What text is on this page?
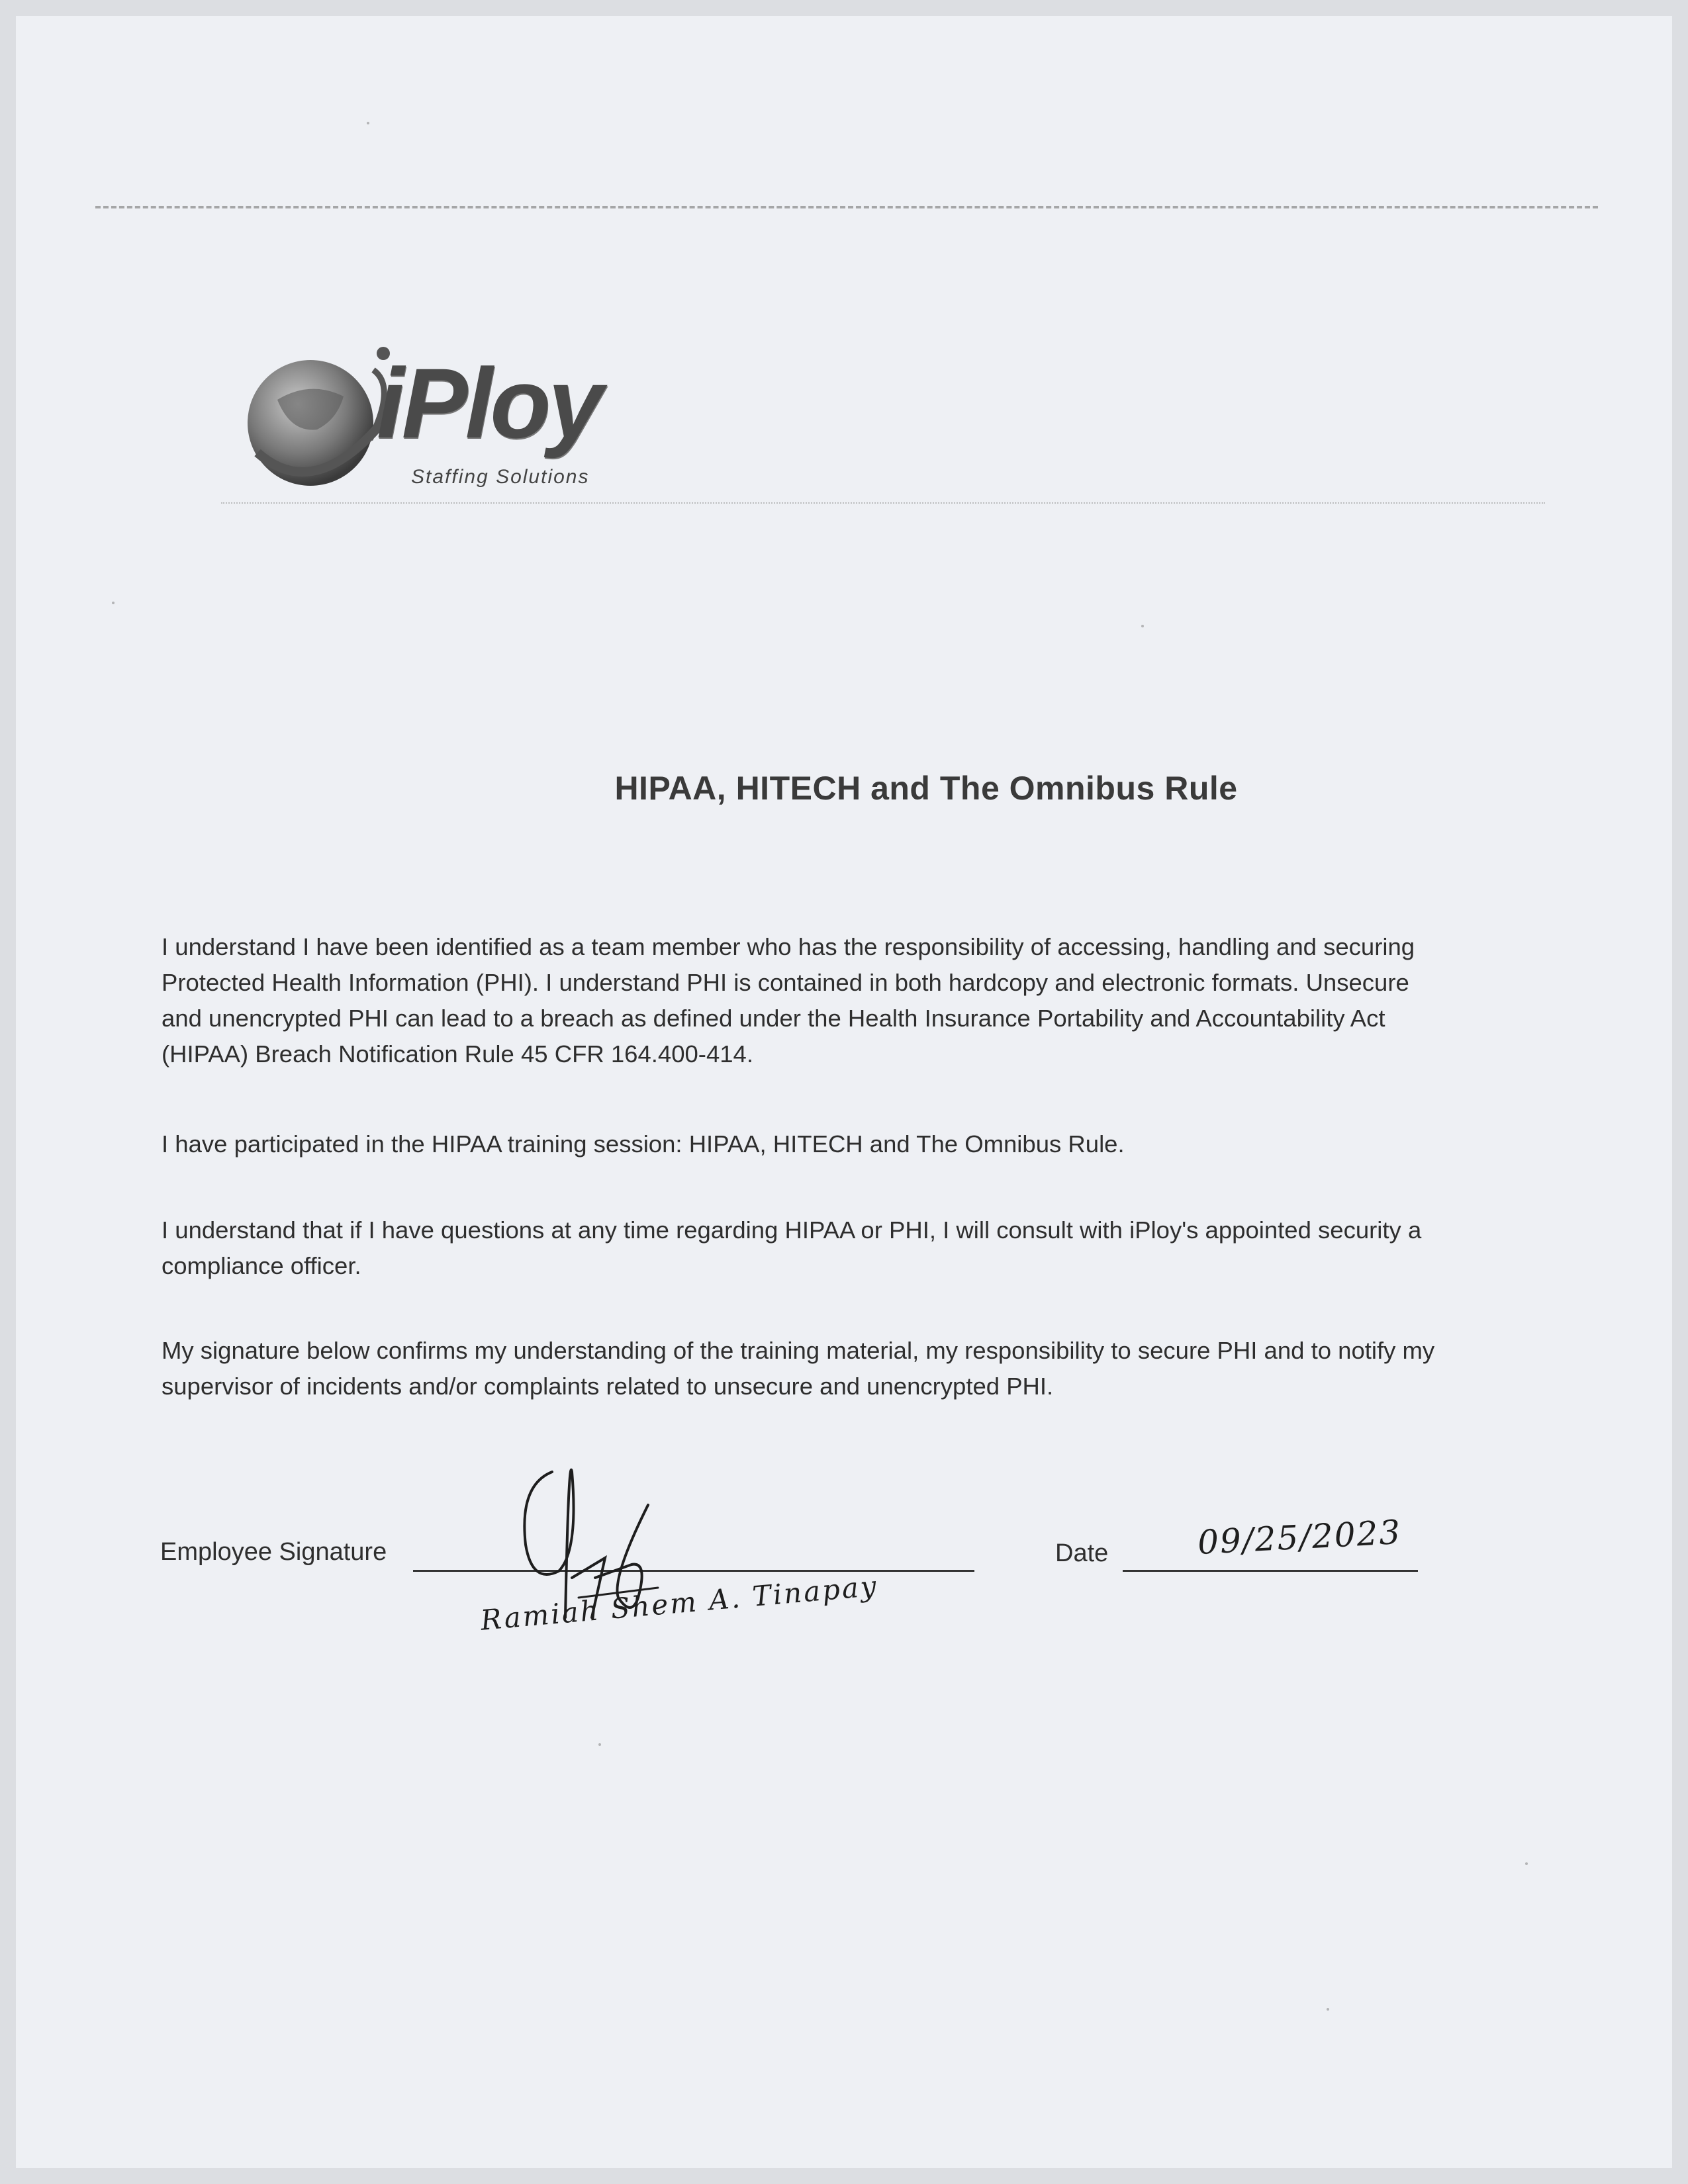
iPloy
Staffing Solutions
HIPAA, HITECH and The Omnibus Rule
I understand I have been identified as a team member who has the responsibility of accessing, handling and securing
Protected Health Information (PHI). I understand PHI is contained in both hardcopy and electronic formats. Unsecure
and unencrypted PHI can lead to a breach as defined under the Health Insurance Portability and Accountability Act
(HIPAA) Breach Notification Rule 45 CFR 164.400-414.
I have participated in the HIPAA training session: HIPAA, HITECH and The Omnibus Rule.
I understand that if I have questions at any time regarding HIPAA or PHI, I will consult with iPloy's appointed security a
compliance officer.
My signature below confirms my understanding of the training material, my responsibility to secure PHI and to notify my
supervisor of incidents and/or complaints related to unsecure and unencrypted PHI.
Employee Signature
Ramiah Shem A. Tinapay
Date	09/25/2023
